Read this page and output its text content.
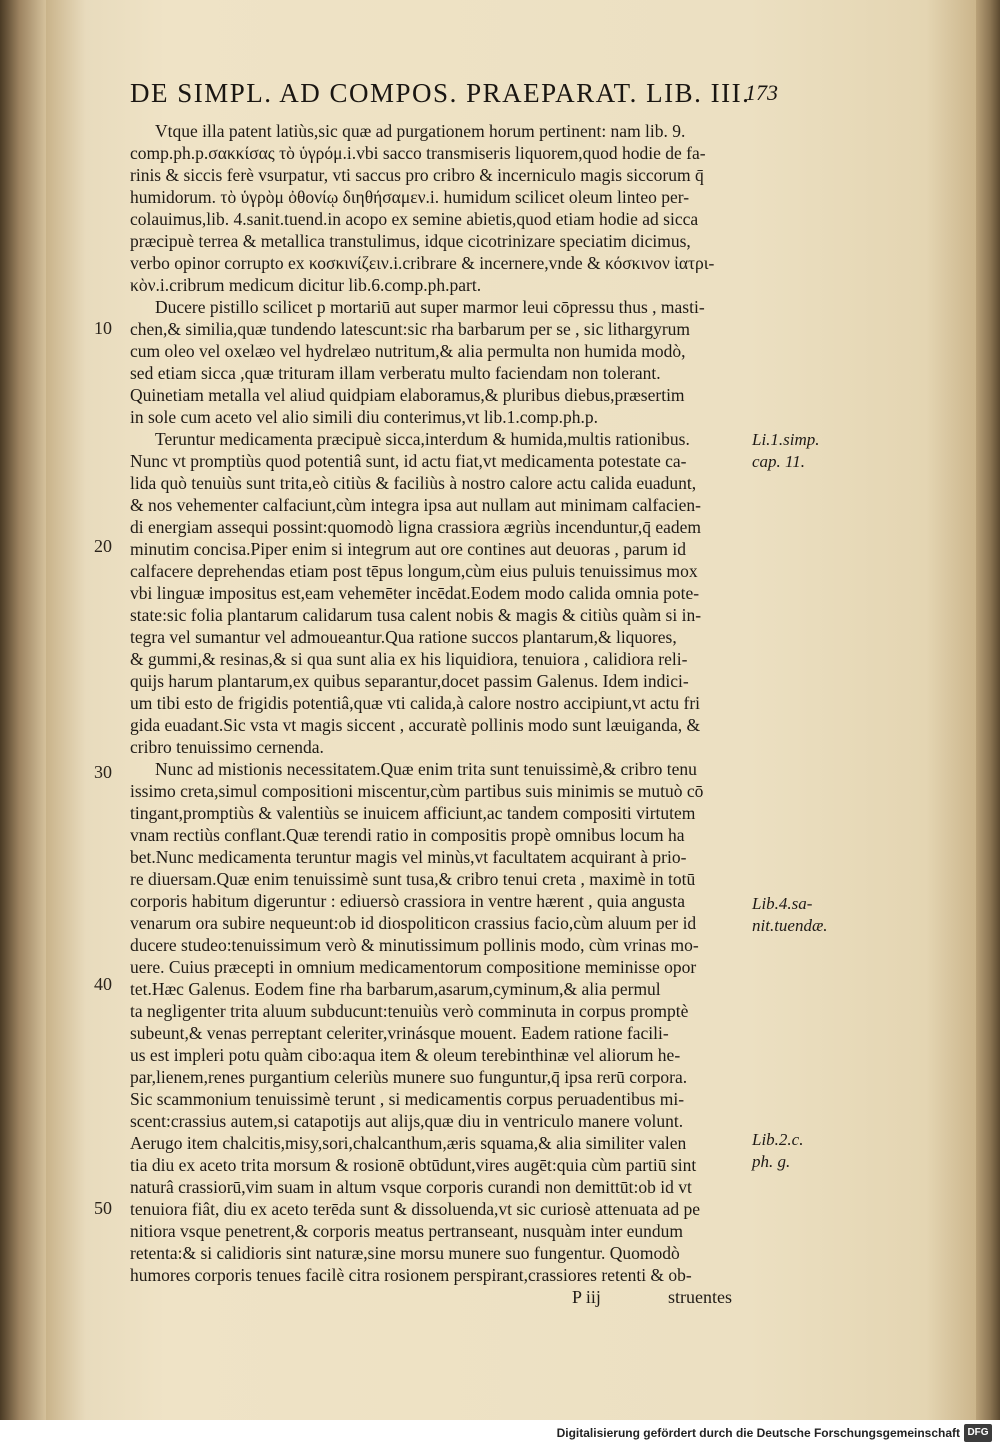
DE SIMPL. AD COMPOS. PRAEPARAT. LIB. III.
173
Vtque illa patent latiùs,sic quæ ad purgationem horum pertinent: nam lib. 9.
comp.ph.p.σακκίσας τὸ ὑγρόμ.i.vbi sacco transmiseris liquorem,quod hodie de fa-
rinis & siccis ferè vsurpatur, vti saccus pro cribro & incerniculo magis siccorum q̄
humidorum. τὸ ὑγρὸμ ὀθονίῳ διηθήσαμεν.i. humidum scilicet oleum linteo per-
colauimus,lib. 4.sanit.tuend.in acopo ex semine abietis,quod etiam hodie ad sicca
præcipuè terrea & metallica transtulimus, idque cicotrinizare speciatim dicimus,
verbo opinor corrupto ex κοσκινίζειν.i.cribrare & incernere,vnde & κόσκινον ἰατρι-
κὸν.i.cribrum medicum dicitur lib.6.comp.ph.part.
Ducere pistillo scilicet p mortariū aut super marmor leui cōpressu thus , masti-
chen,& similia,quæ tundendo latescunt:sic rha barbarum per se , sic lithargyrum
cum oleo vel oxelæo vel hydrelæo nutritum,& alia permulta non humida modò,
sed etiam sicca ,quæ trituram illam verberatu multo faciendam non tolerant.
Quinetiam metalla vel aliud quidpiam elaboramus,& pluribus diebus,præsertim
in sole cum aceto vel alio simili diu conterimus,vt lib.1.comp.ph.p.
Teruntur medicamenta præcipuè sicca,interdum & humida,multis rationibus.
Nunc vt promptiùs quod potentiâ sunt, id actu fiat,vt medicamenta potestate ca-
lida quò tenuiùs sunt trita,eò citiùs & faciliùs à nostro calore actu calida euadunt,
& nos vehementer calfaciunt,cùm integra ipsa aut nullam aut minimam calfacien-
di energiam assequi possint:quomodò ligna crassiora ægriùs incenduntur,q̄ eadem
minutim concisa.Piper enim si integrum aut ore contines aut deuoras , parum id
calfacere deprehendas etiam post tēpus longum,cùm eius puluis tenuissimus mox
vbi linguæ impositus est,eam vehemēter incēdat.Eodem modo calida omnia pote-
state:sic folia plantarum calidarum tusa calent nobis & magis & citiùs quàm si in-
tegra vel sumantur vel admoueantur.Qua ratione succos plantarum,& liquores,
& gummi,& resinas,& si qua sunt alia ex his liquidiora, tenuiora , calidiora reli-
quijs harum plantarum,ex quibus separantur,docet passim Galenus. Idem indici-
um tibi esto de frigidis potentiâ,quæ vti calida,à calore nostro accipiunt,vt actu fri
gida euadant.Sic vsta vt magis siccent , accuratè pollinis modo sunt læuiganda, &
cribro tenuissimo cernenda.
Nunc ad mistionis necessitatem.Quæ enim trita sunt tenuissimè,& cribro tenu
issimo creta,simul compositioni miscentur,cùm partibus suis minimis se mutuò cō
tingant,promptiùs & valentiùs se inuicem afficiunt,ac tandem compositi virtutem
vnam rectiùs conflant.Quæ terendi ratio in compositis propè omnibus locum ha
bet.Nunc medicamenta teruntur magis vel minùs,vt facultatem acquirant à prio-
re diuersam.Quæ enim tenuissimè sunt tusa,& cribro tenui creta , maximè in totū
corporis habitum digeruntur : ediuersò crassiora in ventre hærent , quia angusta
venarum ora subire nequeunt:ob id diospoliticon crassius facio,cùm aluum per id
ducere studeo:tenuissimum verò & minutissimum pollinis modo, cùm vrinas mo-
uere. Cuius præcepti in omnium medicamentorum compositione meminisse opor
tet.Hæc Galenus. Eodem fine rha barbarum,asarum,cyminum,& alia permul
ta negligenter trita aluum subducunt:tenuiùs verò comminuta in corpus promptè
subeunt,& venas perreptant celeriter,vrinásque mouent. Eadem ratione facili-
us est impleri potu quàm cibo:aqua item & oleum terebinthinæ vel aliorum he-
par,lienem,renes purgantium celeriùs munere suo funguntur,q̄ ipsa rerū corpora.
Sic scammonium tenuissimè terunt , si medicamentis corpus peruadentibus mi-
scent:crassius autem,si catapotijs aut alijs,quæ diu in ventriculo manere volunt.
Aerugo item chalcitis,misy,sori,chalcanthum,æris squama,& alia similiter valen
tia diu ex aceto trita morsum & rosionē obtūdunt,vires augēt:quia cùm partiū sint
naturâ crassiorū,vim suam in altum vsque corporis curandi non demittūt:ob id vt
tenuiora fiât, diu ex aceto terēda sunt & dissoluenda,vt sic curiosè attenuata ad pe
nitiora vsque penetrent,& corporis meatus pertranseant, nusquàm inter eundum
retenta:& si calidioris sint naturæ,sine morsu munere suo fungentur. Quomodò
humores corporis tenues facilè citra rosionem perspirant,crassiores retenti & ob-
10
20
30
40
50
Li.1.simp.
cap. 11.
Lib.4.sa-
nit.tuendæ.
Lib.2.c.
ph. g.
P iij	struentes
Digitalisierung gefördert durch die Deutsche Forschungsgemeinschaft DFG
